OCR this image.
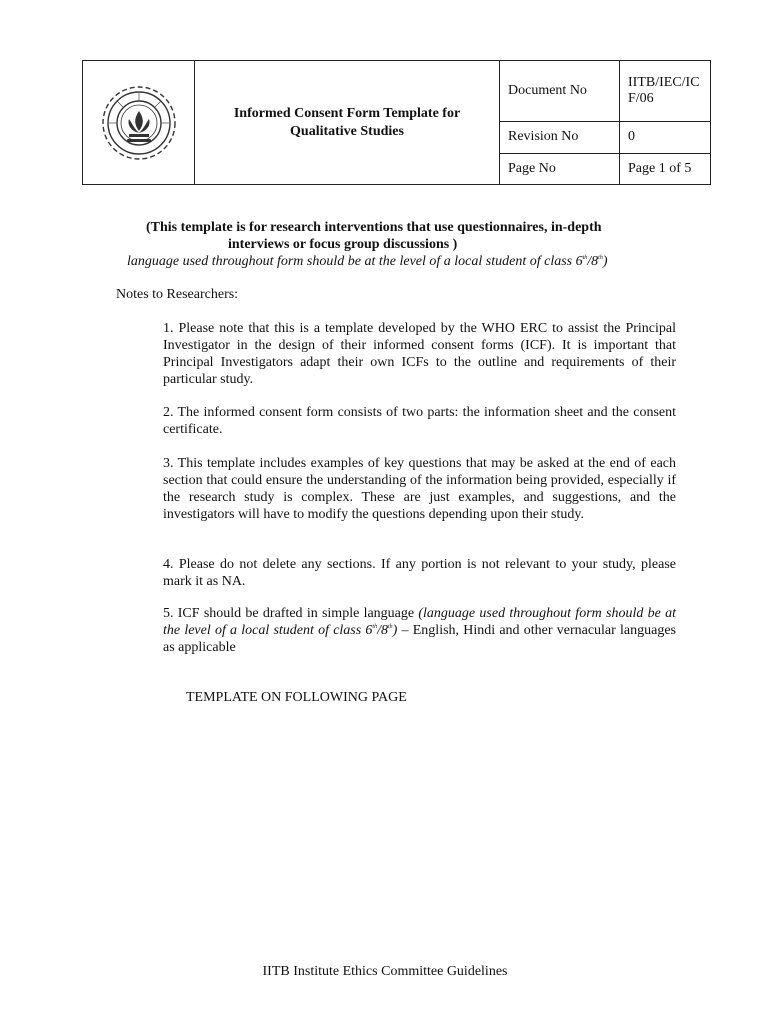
	Informed Consent Form Template for Qualitative Studies	Document No	IITB/IEC/ICF/06
		Revision No	0
		Page No	Page 1 of 5
(This template is for research interventions that use questionnaires, in-depth
interviews or focus group discussions )
language used throughout form should be at the level of a local student of class 6th/8th)
Notes to Researchers:
1. Please note that this is a template developed by the WHO ERC to assist the Principal Investigator in the design of their informed consent forms (ICF). It is important that Principal Investigators adapt their own ICFs to the outline and requirements of their particular study.
2. The informed consent form consists of two parts: the information sheet and the consent certificate.
3. This template includes examples of key questions that may be asked at the end of each section that could ensure the understanding of the information being provided, especially if the research study is complex. These are just examples, and suggestions, and the investigators will have to modify the questions depending upon their study.
4. Please do not delete any sections. If any portion is not relevant to your study, please mark it as NA.
5. ICF should be drafted in simple language (language used throughout form should be at the level of a local student of class 6th/8th) – English, Hindi and other vernacular languages as applicable
TEMPLATE ON FOLLOWING PAGE
IITB Institute Ethics Committee Guidelines
